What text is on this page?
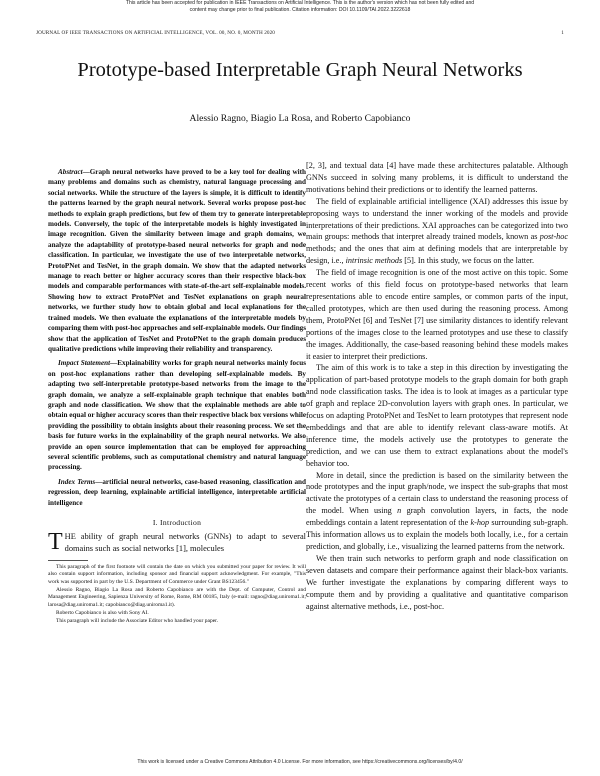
This article has been accepted for publication in IEEE Transactions on Artificial Intelligence. This is the author's version which has not been fully edited and
content may change prior to final publication. Citation information: DOI 10.1109/TAI.2022.3222618
JOURNAL OF IEEE TRANSACTIONS ON ARTIFICIAL INTELLIGENCE, VOL. 00, NO. 0, MONTH 2020	1
Prototype-based Interpretable Graph Neural Networks
Alessio Ragno, Biagio La Rosa, and Roberto Capobianco

Abstract—Graph neural networks have proved to be a key tool for dealing with many problems and domains such as chemistry, natural language processing and social networks. While the structure of the layers is simple, it is difficult to identify the patterns learned by the graph neural network. Several works propose post-hoc methods to explain graph predictions, but few of them try to generate interpretable models. Conversely, the topic of the interpretable models is highly investigated in image recognition. Given the similarity between image and graph domains, we analyze the adaptability of prototype-based neural networks for graph and node classification. In particular, we investigate the use of two interpretable networks, ProtoPNet and TesNet, in the graph domain. We show that the adapted networks manage to reach better or higher accuracy scores than their respective black-box models and comparable performances with state-of-the-art self-explainable models. Showing how to extract ProtoPNet and TesNet explanations on graph neural networks, we further study how to obtain global and local explanations for the trained models. We then evaluate the explanations of the interpretable models by comparing them with post-hoc approaches and self-explainable models. Our findings show that the application of TesNet and ProtoPNet to the graph domain produces qualitative predictions while improving their reliability and transparency.

Impact Statement—Explainability works for graph neural networks mainly focus on post-hoc explanations rather than developing self-explainable models. By adapting two self-interpretable prototype-based networks from the image to the graph domain, we analyze a self-explainable graph technique that enables both graph and node classification. We show that the explainable methods are able to obtain equal or higher accuracy scores than their respective black box versions while providing the possibility to obtain insights about their reasoning process. We set the basis for future works in the explainability of the graph neural networks. We also provide an open source implementation that can be employed for approaching several scientific problems, such as computational chemistry and natural language processing.

Index Terms—artificial neural networks, case-based reasoning, classification and regression, deep learning, explainable artificial intelligence, interpretable artificial intelligence

I. Introduction

THE ability of graph neural networks (GNNs) to adapt to several domains such as social networks [1], molecules

This paragraph of the first footnote will contain the date on which you submitted your paper for review. It will also contain support information, including sponsor and financial support acknowledgment. For example, "This work was supported in part by the U.S. Department of Commerce under Grant BS123456."

Alessio Ragno, Biagio La Rosa and Roberto Capobianco are with the Dept. of Computer, Control and Management Engineering, Sapienza University of Rome, Rome, RM 00185, Italy (e-mail: ragno@diag.uniroma1.it; larosa@diag.uniroma1.it; capobianco@diag.uniroma1.it).

Roberto Capobianco is also with Sony AI.

This paragraph will include the Associate Editor who handled your paper.

[2, 3], and textual data [4] have made these architectures palatable. Although GNNs succeed in solving many problems, it is difficult to understand the motivations behind their predictions or to identify the learned patterns.

The field of explainable artificial intelligence (XAI) addresses this issue by proposing ways to understand the inner working of the models and provide interpretations of their predictions. XAI approaches can be categorized into two main groups: methods that interpret already trained models, known as post-hoc methods; and the ones that aim at defining models that are interpretable by design, i.e., intrinsic methods [5]. In this study, we focus on the latter.

The field of image recognition is one of the most active on this topic. Some recent works of this field focus on prototype-based networks that learn representations able to encode entire samples, or common parts of the input, called prototypes, which are then used during the reasoning process. Among them, ProtoPNet [6] and TesNet [7] use similarity distances to identify relevant portions of the images close to the learned prototypes and use these to classify the images. Additionally, the case-based reasoning behind these models makes it easier to interpret their predictions.

The aim of this work is to take a step in this direction by investigating the application of part-based prototype models to the graph domain for both graph and node classification tasks. The idea is to look at images as a particular type of graph and replace 2D-convolution layers with graph ones. In particular, we focus on adapting ProtoPNet and TesNet to learn prototypes that represent node embeddings and that are able to identify relevant class-aware motifs. At inference time, the models actively use the prototypes to generate the prediction, and we can use them to extract explanations about the model's behavior too.

More in detail, since the prediction is based on the similarity between the node prototypes and the input graph/node, we inspect the sub-graphs that most activate the prototypes of a certain class to understand the reasoning process of the model. When using n graph convolution layers, in facts, the node embeddings contain a latent representation of the k-hop surrounding sub-graph. This information allows us to explain the models both locally, i.e., for a certain prediction, and globally, i.e., visualizing the learned patterns from the network.

We then train such networks to perform graph and node classification on seven datasets and compare their performance against their black-box variants. We further investigate the explanations by comparing different ways to compute them and by providing a qualitative and quantitative comparison against alternative methods, i.e., post-hoc.

This work is licensed under a Creative Commons Attribution 4.0 License. For more information, see https://creativecommons.org/licenses/by/4.0/
